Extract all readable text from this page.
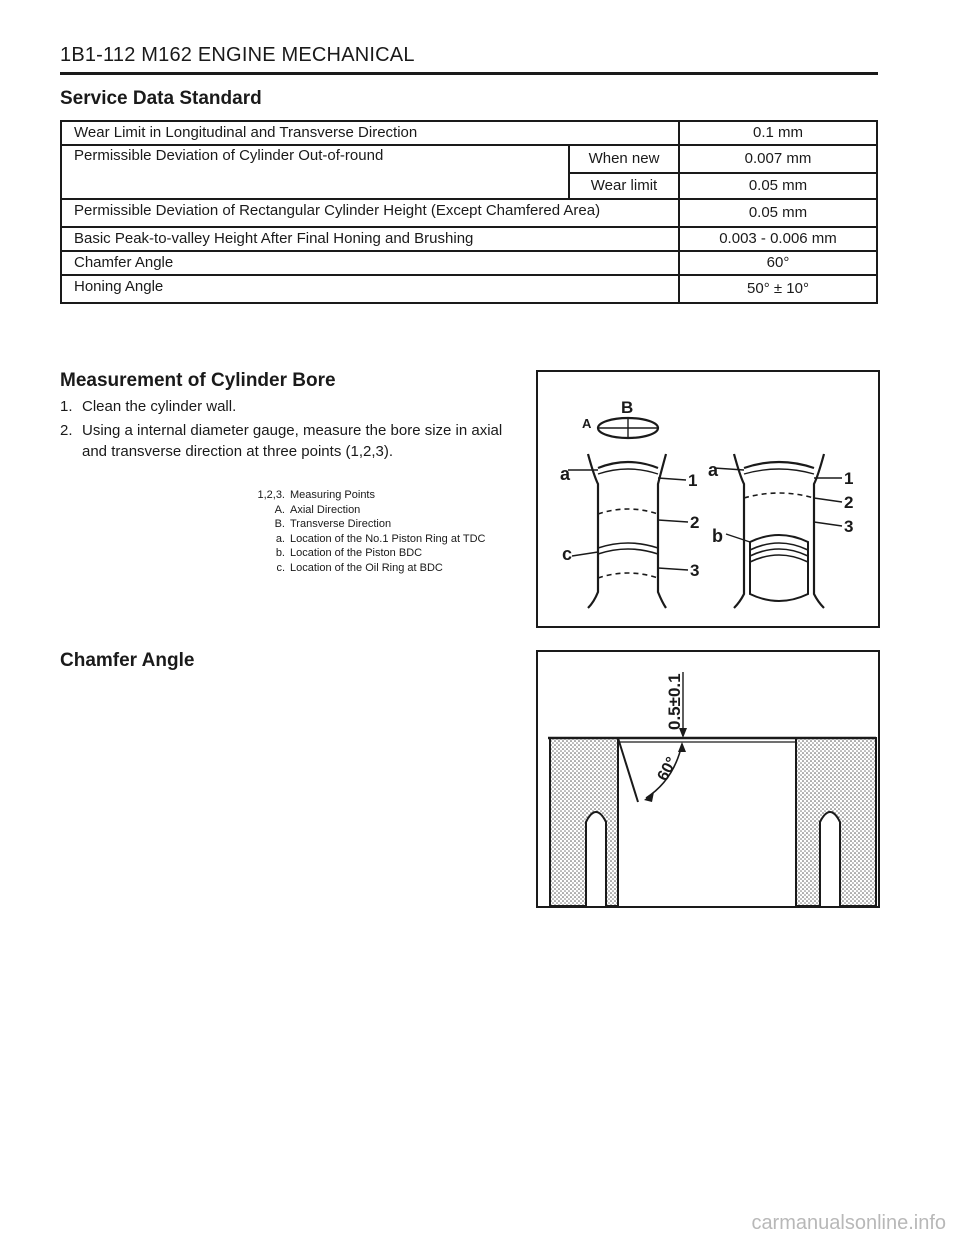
1B1-112 M162 ENGINE MECHANICAL
Service Data Standard
Wear Limit in Longitudinal and Transverse Direction		0.1 mm
Permissible Deviation of Cylinder Out-of-round	When new	0.007 mm
	Wear limit	0.05 mm
Permissible Deviation of Rectangular Cylinder Height (Except Chamfered Area)		0.05 mm
Basic Peak-to-valley Height After Final Honing and Brushing		0.003 - 0.006 mm
Chamfer Angle		60°
Honing Angle		50° ± 10°
Measurement of Cylinder Bore
1. Clean the cylinder wall.
2. Using a internal diameter gauge, measure the bore size in axial and transverse direction at three points (1,2,3).
1,2,3. Measuring Points
A. Axial Direction
B. Transverse Direction
a. Location of the No.1 Piston Ring at TDC
b. Location of the Piston BDC
c. Location of the Oil Ring at BDC
A
B
a	1
2
c
3
a	1
2
3
b
Chamfer Angle
0.5±0.1
60°
carmanualsonline.info
